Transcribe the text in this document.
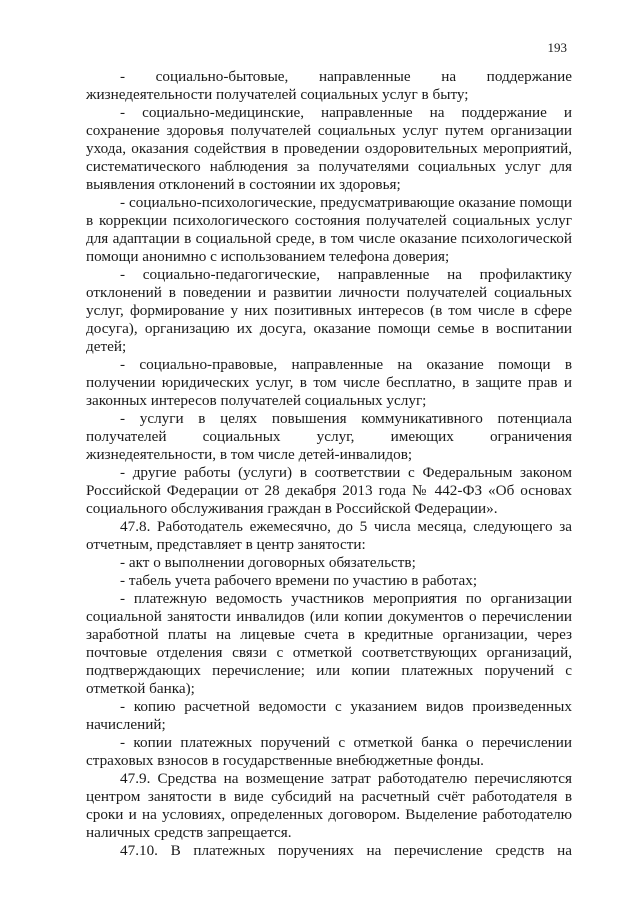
193

- социально-бытовые, направленные на поддержание жизнедеятельности получателей социальных услуг в быту;

- социально-медицинские, направленные на поддержание и сохранение здоровья получателей социальных услуг путем организации ухода, оказания содействия в проведении оздоровительных мероприятий, систематического наблюдения за получателями социальных услуг для выявления отклонений в состоянии их здоровья;

- социально-психологические, предусматривающие оказание помощи в коррекции психологического состояния получателей социальных услуг для адаптации в социальной среде, в том числе оказание психологической помощи анонимно с использованием телефона доверия;

- социально-педагогические, направленные на профилактику отклонений в поведении и развитии личности получателей социальных услуг, формирование у них позитивных интересов (в том числе в сфере досуга), организацию их досуга, оказание помощи семье в воспитании детей;

- социально-правовые, направленные на оказание помощи в получении юридических услуг, в том числе бесплатно, в защите прав и законных интересов получателей социальных услуг;

- услуги в целях повышения коммуникативного потенциала получателей социальных услуг, имеющих ограничения жизнедеятельности, в том числе детей-инвалидов;

- другие работы (услуги) в соответствии с Федеральным законом Российской Федерации от 28 декабря 2013 года № 442-ФЗ «Об основах социального обслуживания граждан в Российской Федерации».

47.8. Работодатель ежемесячно, до 5 числа месяца, следующего за отчетным, представляет в центр занятости:

- акт о выполнении договорных обязательств;

- табель учета рабочего времени по участию в работах;

- платежную ведомость участников мероприятия по организации социальной занятости инвалидов (или копии документов о перечислении заработной платы на лицевые счета в кредитные организации, через почтовые отделения связи с отметкой соответствующих организаций, подтверждающих перечисление; или копии платежных поручений с отметкой банка);

- копию расчетной ведомости с указанием видов произведенных начислений;

- копии платежных поручений с отметкой банка о перечислении страховых взносов в государственные внебюджетные фонды.

47.9. Средства на возмещение затрат работодателю перечисляются центром занятости в виде субсидий на расчетный счёт работодателя в сроки и на условиях, определенных договором. Выделение работодателю наличных средств запрещается.

47.10. В платежных поручениях на перечисление средств на
